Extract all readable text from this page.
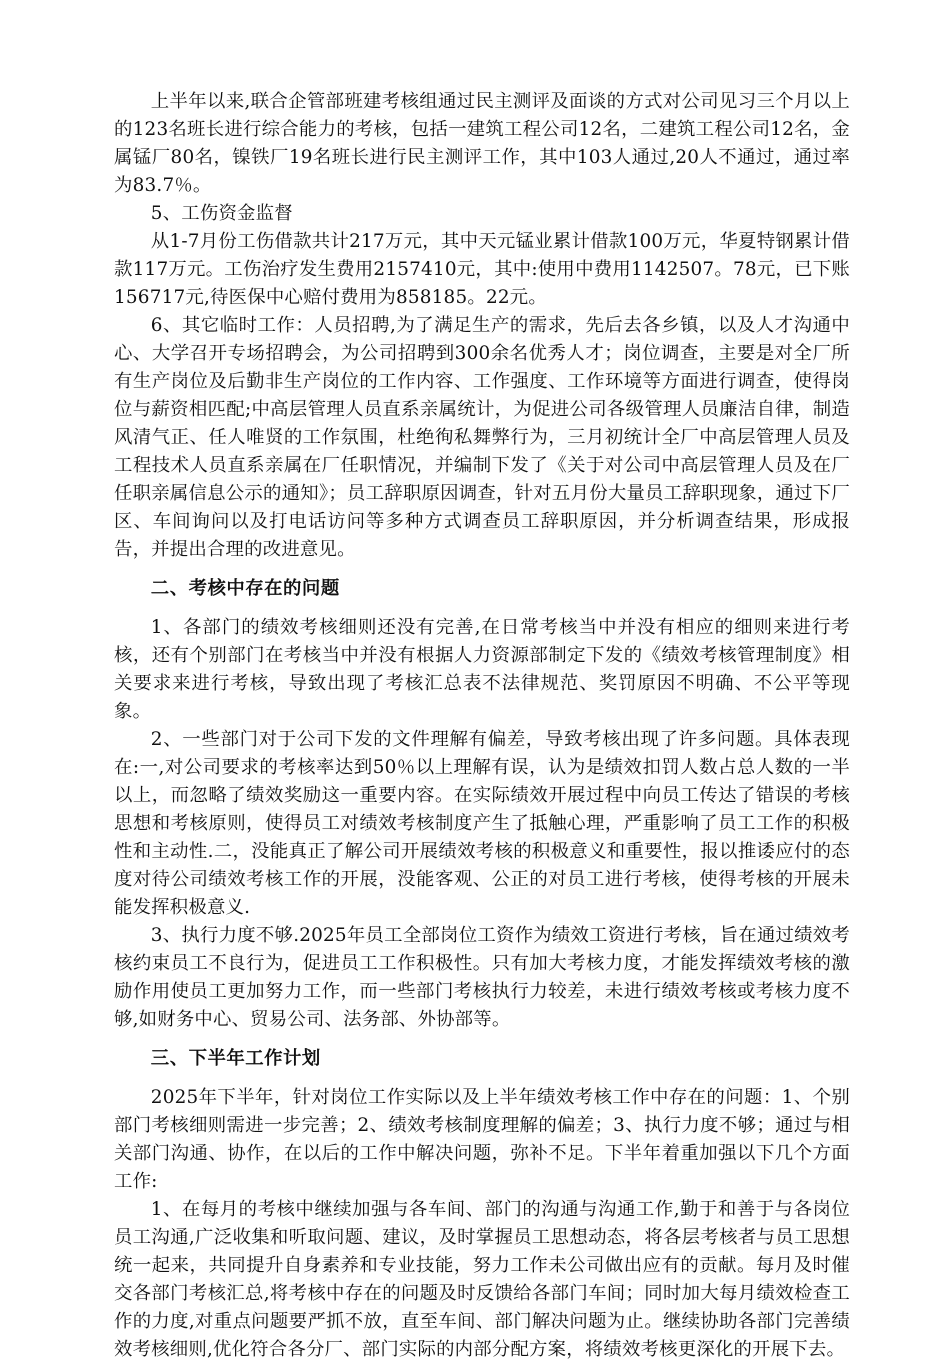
上半年以来,联合企管部班建考核组通过民主测评及面谈的方式对公司见习三个月以上的123名班长进行综合能力的考核，包括一建筑工程公司12名，二建筑工程公司12名，金属锰厂80名，镍铁厂19名班长进行民主测评工作，其中103人通过,20人不通过，通过率为83.7％。

5、工伤资金监督

从1-7月份工伤借款共计217万元，其中天元锰业累计借款100万元，华夏特钢累计借款117万元。工伤治疗发生费用2157410元，其中:使用中费用1142507。78元，已下账156717元,待医保中心赔付费用为858185。22元。

6、其它临时工作：人员招聘,为了满足生产的需求，先后去各乡镇，以及人才沟通中心、大学召开专场招聘会，为公司招聘到300余名优秀人才；岗位调查，主要是对全厂所有生产岗位及后勤非生产岗位的工作内容、工作强度、工作环境等方面进行调查，使得岗位与薪资相匹配;中高层管理人员直系亲属统计，为促进公司各级管理人员廉洁自律，制造风清气正、任人唯贤的工作氛围，杜绝徇私舞弊行为，三月初统计全厂中高层管理人员及工程技术人员直系亲属在厂任职情况，并编制下发了《关于对公司中高层管理人员及在厂任职亲属信息公示的通知》；员工辞职原因调查，针对五月份大量员工辞职现象，通过下厂区、车间询问以及打电话访问等多种方式调查员工辞职原因，并分析调查结果，形成报告，并提出合理的改进意见。

二、考核中存在的问题

1、各部门的绩效考核细则还没有完善,在日常考核当中并没有相应的细则来进行考核，还有个别部门在考核当中并没有根据人力资源部制定下发的《绩效考核管理制度》相关要求来进行考核，导致出现了考核汇总表不法律规范、奖罚原因不明确、不公平等现象。

2、一些部门对于公司下发的文件理解有偏差，导致考核出现了许多问题。具体表现在:一,对公司要求的考核率达到50％以上理解有误，认为是绩效扣罚人数占总人数的一半以上，而忽略了绩效奖励这一重要内容。在实际绩效开展过程中向员工传达了错误的考核思想和考核原则，使得员工对绩效考核制度产生了抵触心理，严重影响了员工工作的积极性和主动性.二，没能真正了解公司开展绩效考核的积极意义和重要性，报以推诿应付的态度对待公司绩效考核工作的开展，没能客观、公正的对员工进行考核，使得考核的开展未能发挥积极意义.

3、执行力度不够.2025年员工全部岗位工资作为绩效工资进行考核，旨在通过绩效考核约束员工不良行为，促进员工工作积极性。只有加大考核力度，才能发挥绩效考核的激励作用使员工更加努力工作，而一些部门考核执行力较差，未进行绩效考核或考核力度不够,如财务中心、贸易公司、法务部、外协部等。

三、下半年工作计划

2025年下半年，针对岗位工作实际以及上半年绩效考核工作中存在的问题：1、个别部门考核细则需进一步完善；2、绩效考核制度理解的偏差；3、执行力度不够；通过与相关部门沟通、协作，在以后的工作中解决问题，弥补不足。下半年着重加强以下几个方面工作:

1、在每月的考核中继续加强与各车间、部门的沟通与沟通工作,勤于和善于与各岗位员工沟通,广泛收集和听取问题、建议，及时掌握员工思想动态，将各层考核者与员工思想统一起来，共同提升自身素养和专业技能，努力工作未公司做出应有的贡献。每月及时催交各部门考核汇总,将考核中存在的问题及时反馈给各部门车间；同时加大每月绩效检查工作的力度,对重点问题要严抓不放，直至车间、部门解决问题为止。继续协助各部门完善绩效考核细则,优化符合各分厂、部门实际的内部分配方案，将绩效考核更深化的开展下去。
